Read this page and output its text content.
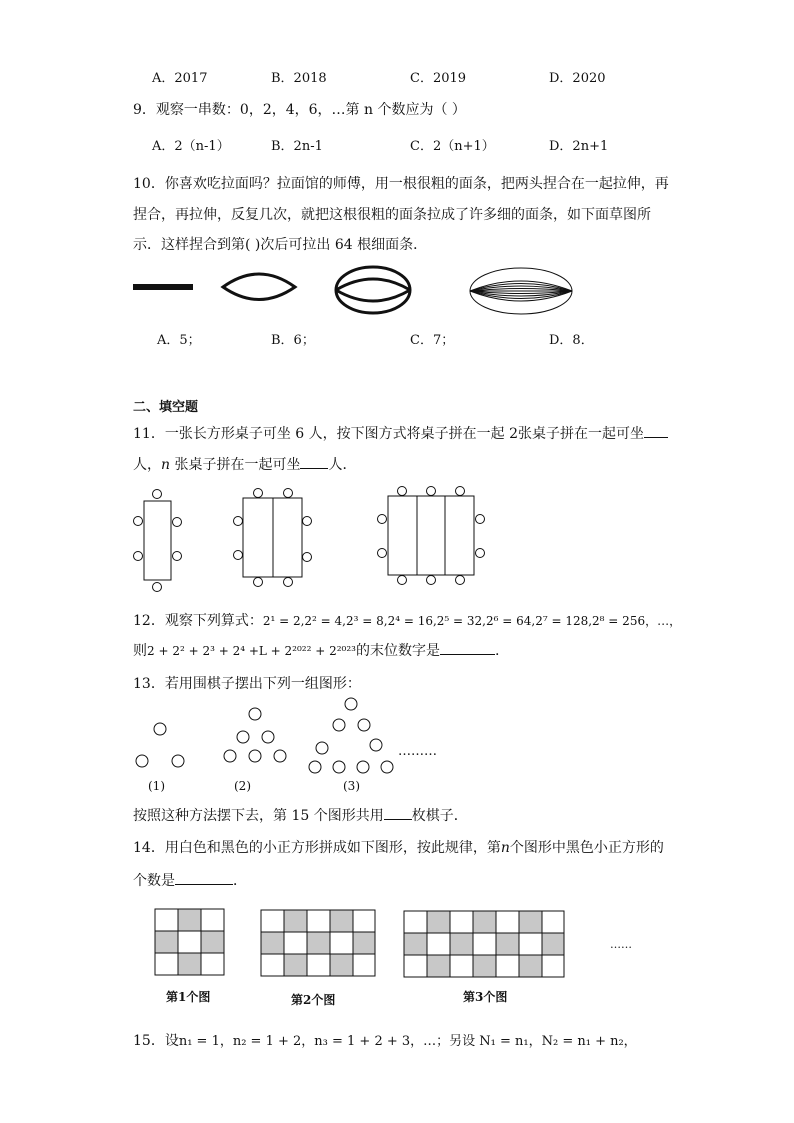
A．2017	B．2018	C．2019	D．2020
9．观察一串数：0，2，4，6，…第 n 个数应为（ ）
A．2（n-1）	B．2n-1	C．2（n+1）	D．2n+1
10．你喜欢吃拉面吗？拉面馆的师傅，用一根很粗的面条，把两头捏合在一起拉伸，再
捏合，再拉伸，反复几次，就把这根很粗的面条拉成了许多细的面条，如下面草图所
示．这样捏合到第( )次后可拉出 64 根细面条．
A．5；	B．6；	C．7；	D．8．
二、填空题
11．一张长方形桌子可坐 6 人，按下图方式将桌子拼在一起 2张桌子拼在一起可坐
人，n 张桌子拼在一起可坐 人．
12．观察下列算式：2¹ = 2,2² = 4,2³ = 8,2⁴ = 16,2⁵ = 32,2⁶ = 64,2⁷ = 128,2⁸ = 256，…，
则2 + 2² + 2³ + 2⁴ +L + 2²⁰²² + 2²⁰²³的末位数字是	.
13．若用围棋子摆出下列一组图形：
………
(1)	(2)	(3)
按照这种方法摆下去，第 15 个图形共用 枚棋子．
14．用白色和黑色的小正方形拼成如下图形，按此规律，第n个图形中黑色小正方形的
个数是	．
……
第1个图	第2个图	第3个图
15．设n₁ = 1，n₂ = 1 + 2，n₃ = 1 + 2 + 3，…；另设 N₁ = n₁，N₂ = n₁ + n₂，
